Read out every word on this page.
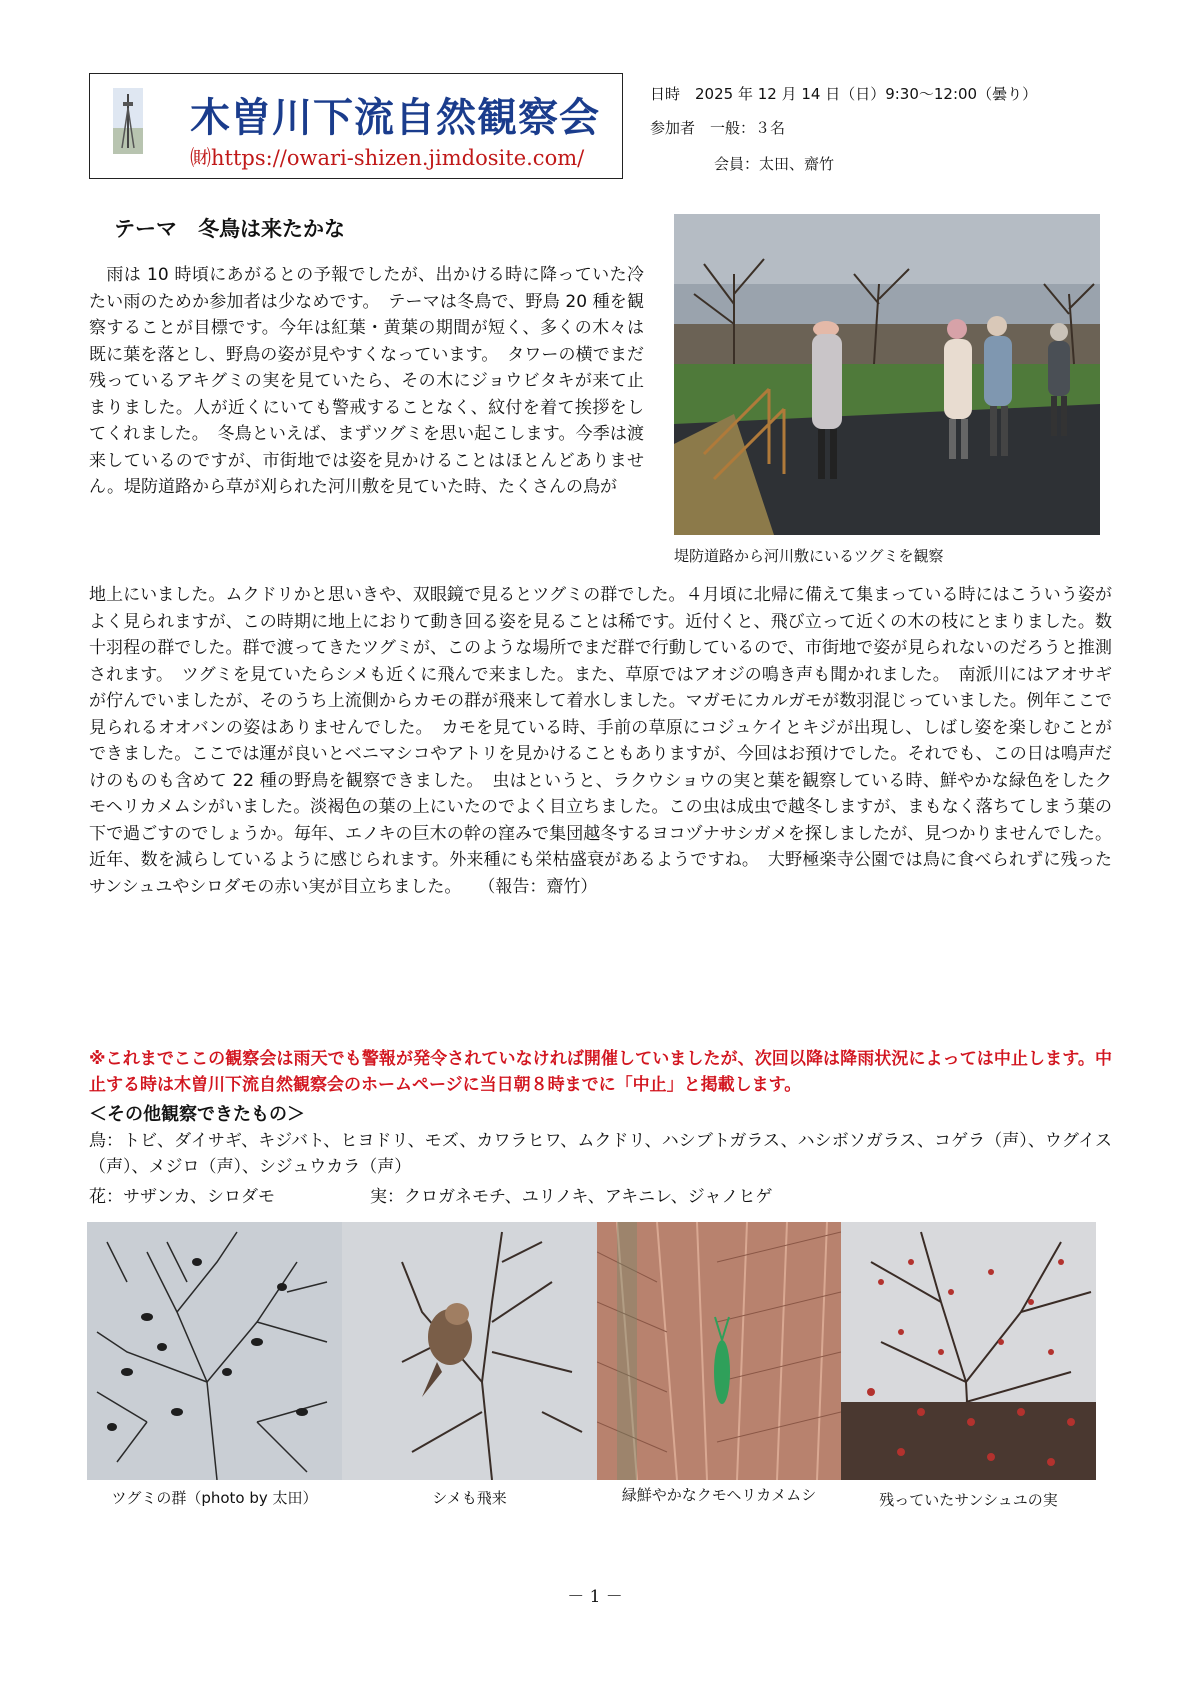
木曽川下流自然観察会
㈶https://owari-shizen.jimdosite.com/
日時　2025 年 12 月 14 日（日）9:30～12:00（曇り）
参加者　一般：３名
会員：太田、齋竹
テーマ　冬鳥は来たかな
　雨は 10 時頃にあがるとの予報でしたが、出かける時に降っていた冷たい雨のためか参加者は少なめです。　テーマは冬鳥で、野鳥 20 種を観察することが目標です。今年は紅葉・黄葉の期間が短く、多くの木々は既に葉を落とし、野鳥の姿が見やすくなっています。　タワーの横でまだ残っているアキグミの実を見ていたら、その木にジョウビタキが来て止まりました。人が近くにいても警戒することなく、紋付を着て挨拶をしてくれました。　冬鳥といえば、まずツグミを思い起こします。今季は渡来しているのですが、市街地では姿を見かけることはほとんどありません。堤防道路から草が刈られた河川敷を見ていた時、たくさんの鳥が
堤防道路から河川敷にいるツグミを観察
地上にいました。ムクドリかと思いきや、双眼鏡で見るとツグミの群でした。４月頃に北帰に備えて集まっている時にはこういう姿がよく見られますが、この時期に地上におりて動き回る姿を見ることは稀です。近付くと、飛び立って近くの木の枝にとまりました。数十羽程の群でした。群で渡ってきたツグミが、このような場所でまだ群で行動しているので、市街地で姿が見られないのだろうと推測されます。　ツグミを見ていたらシメも近くに飛んで来ました。また、草原ではアオジの鳴き声も聞かれました。　南派川にはアオサギが佇んでいましたが、そのうち上流側からカモの群が飛来して着水しました。マガモにカルガモが数羽混じっていました。例年ここで見られるオオバンの姿はありませんでした。　カモを見ている時、手前の草原にコジュケイとキジが出現し、しばし姿を楽しむことができました。ここでは運が良いとベニマシコやアトリを見かけることもありますが、今回はお預けでした。それでも、この日は鳴声だけのものも含めて 22 種の野鳥を観察できました。　虫はというと、ラクウショウの実と葉を観察している時、鮮やかな緑色をしたクモヘリカメムシがいました。淡褐色の葉の上にいたのでよく目立ちました。この虫は成虫で越冬しますが、まもなく落ちてしまう葉の下で過ごすのでしょうか。毎年、エノキの巨木の幹の窪みで集団越冬するヨコヅナサシガメを探しましたが、見つかりませんでした。近年、数を減らしているように感じられます。外来種にも栄枯盛衰があるようですね。　大野極楽寺公園では鳥に食べられずに残ったサンシュユやシロダモの赤い実が目立ちました。　　（報告：齋竹）
※これまでここの観察会は雨天でも警報が発令されていなければ開催していましたが、次回以降は降雨状況によっては中止します。中止する時は木曽川下流自然観察会のホームページに当日朝８時までに「中止」と掲載します。
＜その他観察できたもの＞
鳥：トビ、ダイサギ、キジバト、ヒヨドリ、モズ、カワラヒワ、ムクドリ、ハシブトガラス、ハシボソガラス、コゲラ（声）、ウグイス（声）、メジロ（声）、シジュウカラ（声）
花：サザンカ、シロダモ	実：クロガネモチ、ユリノキ、アキニレ、ジャノヒゲ
ツグミの群（photo by 太田）	シメも飛来	緑鮮やかなクモヘリカメムシ	残っていたサンシュユの実
－ 1 －
